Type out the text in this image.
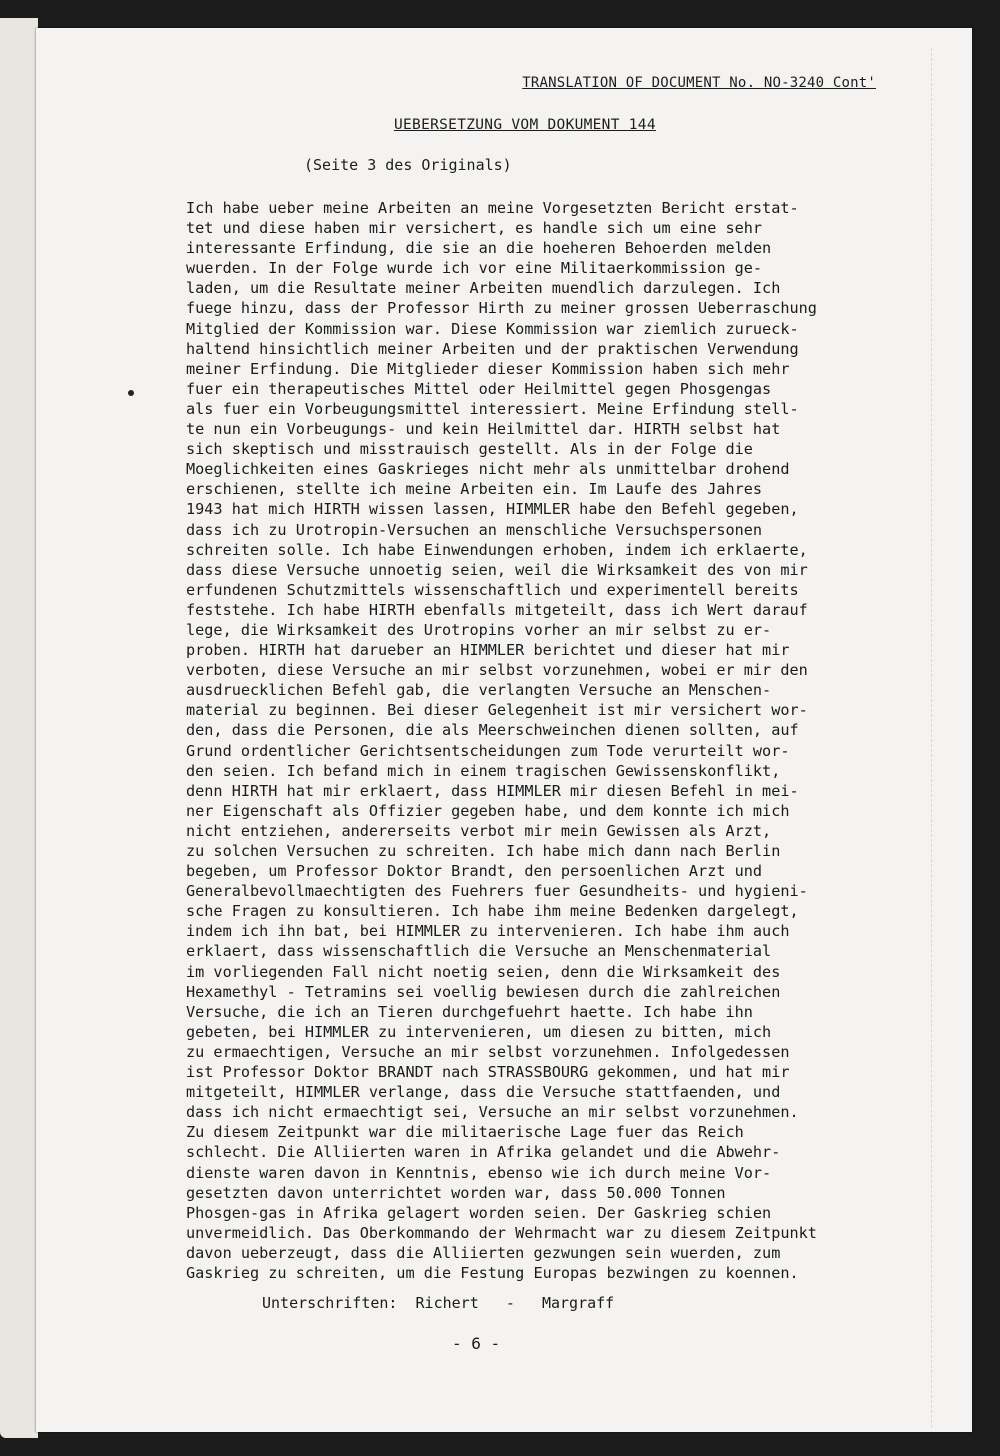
TRANSLATION OF DOCUMENT No. NO-3240 Cont'
UEBERSETZUNG VOM DOKUMENT 144
(Seite 3 des Originals)
Ich habe ueber meine Arbeiten an meine Vorgesetzten Bericht erstat-
tet und diese haben mir versichert, es handle sich um eine sehr
interessante Erfindung, die sie an die hoeheren Behoerden melden
wuerden. In der Folge wurde ich vor eine Militaerkommission ge-
laden, um die Resultate meiner Arbeiten muendlich darzulegen. Ich
fuege hinzu, dass der Professor Hirth zu meiner grossen Ueberraschung
Mitglied der Kommission war. Diese Kommission war ziemlich zurueck-
haltend hinsichtlich meiner Arbeiten und der praktischen Verwendung
meiner Erfindung. Die Mitglieder dieser Kommission haben sich mehr
fuer ein therapeutisches Mittel oder Heilmittel gegen Phosgengas
als fuer ein Vorbeugungsmittel interessiert. Meine Erfindung stell-
te nun ein Vorbeugungs- und kein Heilmittel dar. HIRTH selbst hat
sich skeptisch und misstrauisch gestellt. Als in der Folge die
Moeglichkeiten eines Gaskrieges nicht mehr als unmittelbar drohend
erschienen, stellte ich meine Arbeiten ein. Im Laufe des Jahres
1943 hat mich HIRTH wissen lassen, HIMMLER habe den Befehl gegeben,
dass ich zu Urotropin-Versuchen an menschliche Versuchspersonen
schreiten solle. Ich habe Einwendungen erhoben, indem ich erklaerte,
dass diese Versuche unnoetig seien, weil die Wirksamkeit des von mir
erfundenen Schutzmittels wissenschaftlich und experimentell bereits
feststehe. Ich habe HIRTH ebenfalls mitgeteilt, dass ich Wert darauf
lege, die Wirksamkeit des Urotropins vorher an mir selbst zu er-
proben. HIRTH hat darueber an HIMMLER berichtet und dieser hat mir
verboten, diese Versuche an mir selbst vorzunehmen, wobei er mir den
ausdruecklichen Befehl gab, die verlangten Versuche an Menschen-
material zu beginnen. Bei dieser Gelegenheit ist mir versichert wor-
den, dass die Personen, die als Meerschweinchen dienen sollten, auf
Grund ordentlicher Gerichtsentscheidungen zum Tode verurteilt wor-
den seien. Ich befand mich in einem tragischen Gewissenskonflikt,
denn HIRTH hat mir erklaert, dass HIMMLER mir diesen Befehl in mei-
ner Eigenschaft als Offizier gegeben habe, und dem konnte ich mich
nicht entziehen, andererseits verbot mir mein Gewissen als Arzt,
zu solchen Versuchen zu schreiten. Ich habe mich dann nach Berlin
begeben, um Professor Doktor Brandt, den persoenlichen Arzt und
Generalbevollmaechtigten des Fuehrers fuer Gesundheits- und hygieni-
sche Fragen zu konsultieren. Ich habe ihm meine Bedenken dargelegt,
indem ich ihn bat, bei HIMMLER zu intervenieren. Ich habe ihm auch
erklaert, dass wissenschaftlich die Versuche an Menschenmaterial
im vorliegenden Fall nicht noetig seien, denn die Wirksamkeit des
Hexamethyl - Tetramins sei voellig bewiesen durch die zahlreichen
Versuche, die ich an Tieren durchgefuehrt haette. Ich habe ihn
gebeten, bei HIMMLER zu intervenieren, um diesen zu bitten, mich
zu ermaechtigen, Versuche an mir selbst vorzunehmen. Infolgedessen
ist Professor Doktor BRANDT nach STRASSBOURG gekommen, und hat mir
mitgeteilt, HIMMLER verlange, dass die Versuche stattfaenden, und
dass ich nicht ermaechtigt sei, Versuche an mir selbst vorzunehmen.
Zu diesem Zeitpunkt war die militaerische Lage fuer das Reich
schlecht. Die Alliierten waren in Afrika gelandet und die Abwehr-
dienste waren davon in Kenntnis, ebenso wie ich durch meine Vor-
gesetzten davon unterrichtet worden war, dass 50.000 Tonnen
Phosgen-gas in Afrika gelagert worden seien. Der Gaskrieg schien
unvermeidlich. Das Oberkommando der Wehrmacht war zu diesem Zeitpunkt
davon ueberzeugt, dass die Alliierten gezwungen sein wuerden, zum
Gaskrieg zu schreiten, um die Festung Europas bezwingen zu koennen.
Unterschriften:  Richert   -   Margraff
- 6 -
